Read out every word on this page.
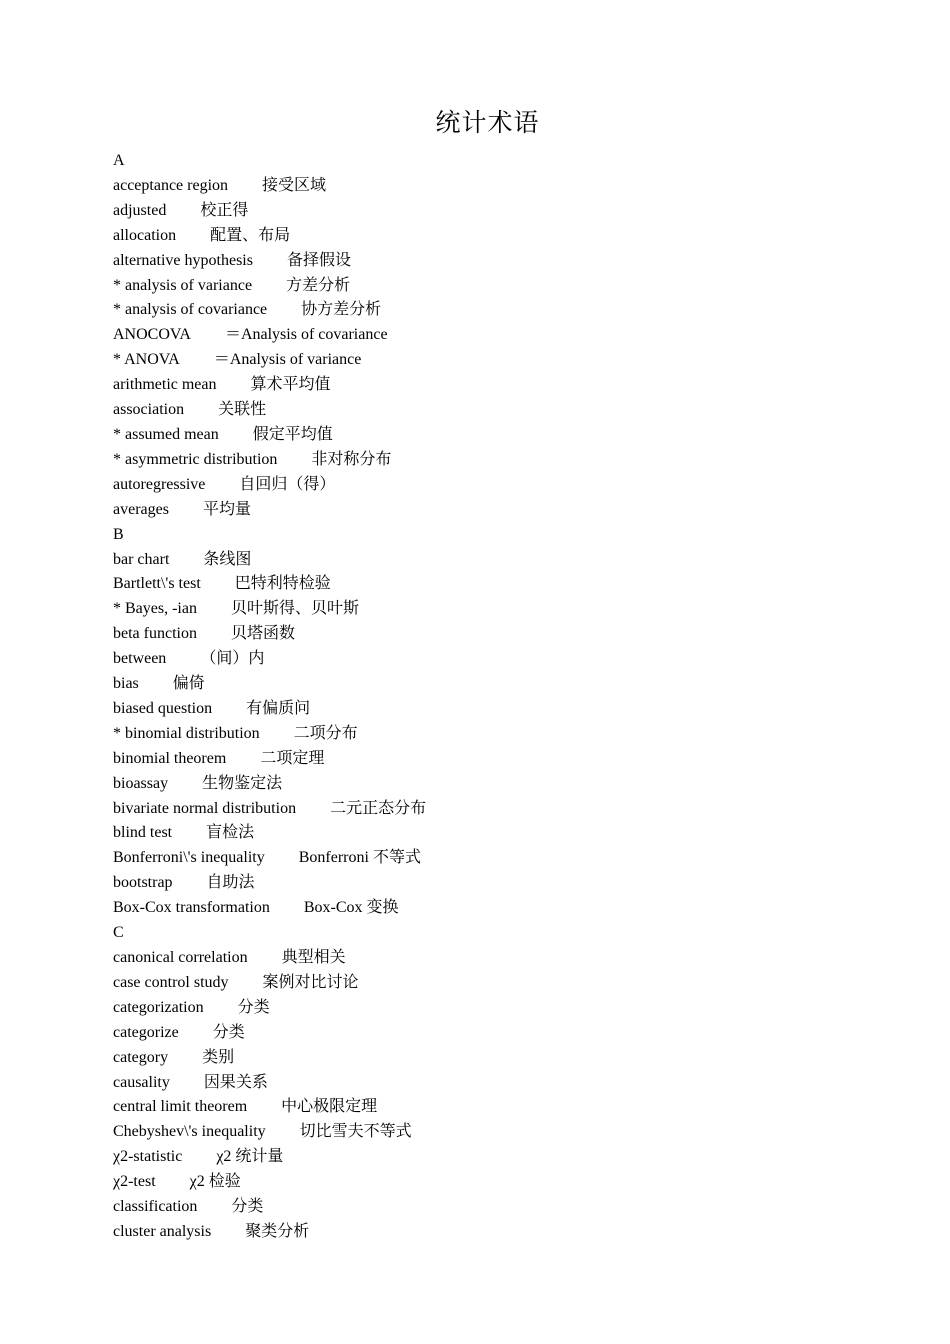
统计术语
A
acceptance region 接受区域
adjusted 校正得
allocation 配置、布局
alternative hypothesis 备择假设
* analysis of variance 方差分析
* analysis of covariance 协方差分析
ANOCOVA ＝Analysis of covariance
* ANOVA ＝Analysis of variance
arithmetic mean 算术平均值
association 关联性
* assumed mean 假定平均值
* asymmetric distribution 非对称分布
autoregressive 自回归（得）
averages 平均量
B
bar chart 条线图
Bartlett\'s test 巴特利特检验
* Bayes, -ian 贝叶斯得、贝叶斯
beta function 贝塔函数
between （间）内
bias 偏倚
biased question 有偏质问
* binomial distribution 二项分布
binomial theorem 二项定理
bioassay 生物鉴定法
bivariate normal distribution 二元正态分布
blind test 盲检法
Bonferroni\'s inequality Bonferroni 不等式
bootstrap 自助法
Box-Cox transformation Box-Cox 变换
C
canonical correlation 典型相关
case control study 案例对比讨论
categorization 分类
categorize 分类
category 类别
causality 因果关系
central limit theorem 中心极限定理
Chebyshev\'s inequality 切比雪夫不等式
χ2-statistic χ2 统计量
χ2-test χ2 检验
classification 分类
cluster analysis 聚类分析
